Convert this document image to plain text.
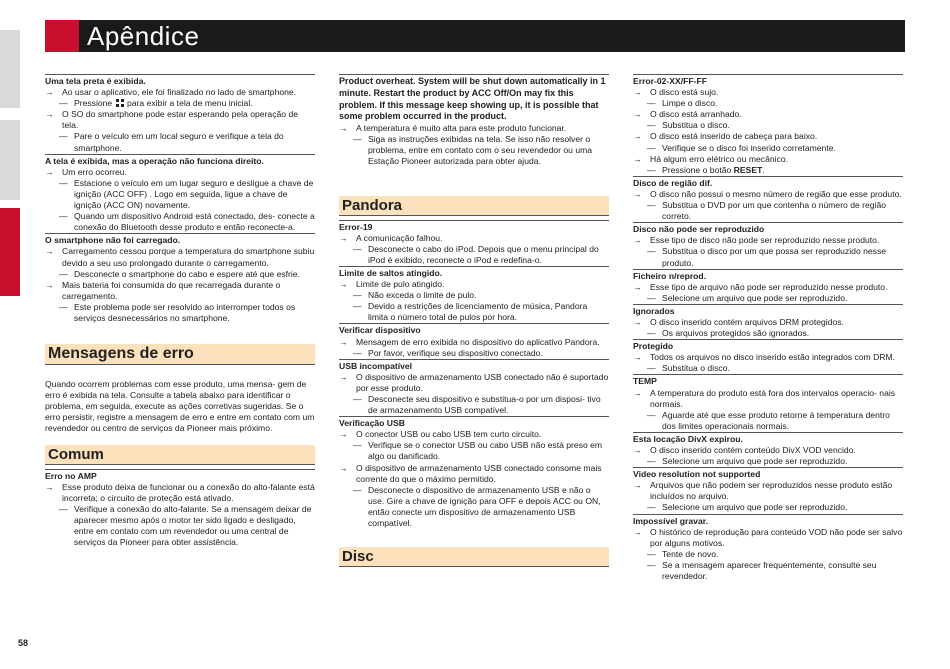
Apêndice
Uma tela preta é exibida.
→ Ao usar o aplicativo, ele foi finalizado no lado de smartphone.
— Pressione para exibir a tela de menu inicial.
→ O SO do smartphone pode estar esperando pela operação de tela.
— Pare o veículo em um local seguro e verifique a tela do smartphone.
A tela é exibida, mas a operação não funciona direito.
→ Um erro ocorreu.
— Estacione o veículo em um lugar seguro e desligue a chave de ignição (ACC OFF) . Logo em seguida, ligue a chave de ignição (ACC ON) novamente.
— Quando um dispositivo Android está conectado, des- conecte a conexão do Bluetooth desse produto e então reconecte-a.
O smartphone não foi carregado.
→ Carregamento cessou porque a temperatura do smartphone subiu devido a seu uso prolongado durante o carregamento.
— Desconecte o smartphone do cabo e espere até que esfrie.
→ Mais bateria foi consumida do que recarregada durante o carregamento.
— Este problema pode ser resolvido ao interromper todos os serviços desnecessários no smartphone.
Mensagens de erro
Quando ocorrem problemas com esse produto, uma mensa- gem de erro é exibida na tela. Consulte a tabela abaixo para identificar o problema, em seguida, execute as ações corretivas sugeridas. Se o erro persistir, registre a mensagem de erro e entre em contato com um revendedor ou centro de serviços da Pioneer mais próximo.
Comum
Erro no AMP
→ Esse produto deixa de funcionar ou a conexão do alto-falante está incorreta; o circuito de proteção está ativado.
— Verifique a conexão do alto-falante. Se a mensagem deixar de aparecer mesmo após o motor ter sido ligado e desligado, entre em contato com um revendedor ou uma central de serviços da Pioneer para obter assistência.
Product overheat. System will be shut down automatically in 1 minute. Restart the product by ACC Off/On may fix this problem. If this message keep showing up, it is possible that some problem occurred in the product.
→ A temperatura é muito alta para este produto funcionar.
— Siga as instruções exibidas na tela. Se isso não resolver o problema, entre em contato com o seu revendedor ou uma Estação Pioneer autorizada para obter ajuda.
Pandora
Error-19
→ A comunicação falhou.
— Desconecte o cabo do iPod. Depois que o menu principal do iPod é exibido, reconecte o iPod e redefina-o.
Limite de saltos atingido.
→ Limite de pulo atingido.
— Não exceda o limite de pulo.
— Devido a restrições de licenciamento de música, Pandora limita o número total de pulos por hora.
Verificar dispositivo
→ Mensagem de erro exibida no dispositivo do aplicativo Pandora.
— Por favor, verifique seu dispositivo conectado.
USB incompatível
→ O dispositivo de armazenamento USB conectado não é suportado por esse produto.
— Desconecte seu dispositivo e substitua-o por um disposi- tivo de armazenamento USB compatível.
Verificação USB
→ O conector USB ou cabo USB tem curto circuito.
— Verifique se o conector USB ou cabo USB não está preso em algo ou danificado.
→ O dispositivo de armazenamento USB conectado consome mais corrente do que o máximo permitido.
— Desconecte o dispositivo de armazenamento USB e não o use. Gire a chave de ignição para OFF e depois ACC ou ON, então conecte um dispositivo de armazenamento USB compatível.
Disc
Error-02-XX/FF-FF
→ O disco está sujo.
— Limpe o disco.
→ O disco está arranhado.
— Substitua o disco.
→ O disco está inserido de cabeça para baixo.
— Verifique se o disco foi inserido corretamente.
→ Há algum erro elétrico ou mecânico.
— Pressione o botão RESET.
Disco de região dif.
→ O disco não possui o mesmo número de região que esse produto.
— Substitua o DVD por um que contenha o número de região correto.
Disco não pode ser reproduzido
→ Esse tipo de disco não pode ser reproduzido nesse produto.
— Substitua o disco por um que possa ser reproduzido nesse produto.
Ficheiro n/reprod.
→ Esse tipo de arquivo não pode ser reproduzido nesse produto.
— Selecione um arquivo que pode ser reproduzido.
Ignorados
→ O disco inserido contém arquivos DRM protegidos.
— Os arquivos protegidos são ignorados.
Protegido
→ Todos os arquivos no disco inserido estão integrados com DRM.
— Substitua o disco.
TEMP
→ A temperatura do produto está fora dos intervalos operacio- nais normais.
— Aguarde até que esse produto retorne à temperatura dentro dos limites operacionais normais.
Esta locação DivX expirou.
→ O disco inserido contém conteúdo DivX VOD vencido.
— Selecione um arquivo que pode ser reproduzido.
Video resolution not supported
→ Arquivos que não podem ser reproduzidos nesse produto estão incluídos no arquivo.
— Selecione um arquivo que pode ser reproduzido.
Impossível gravar.
→ O histórico de reprodução para conteúdo VOD não pode ser salvo por alguns motivos.
— Tente de novo.
— Se a mensagem aparecer frequentemente, consulte seu revendedor.
58
